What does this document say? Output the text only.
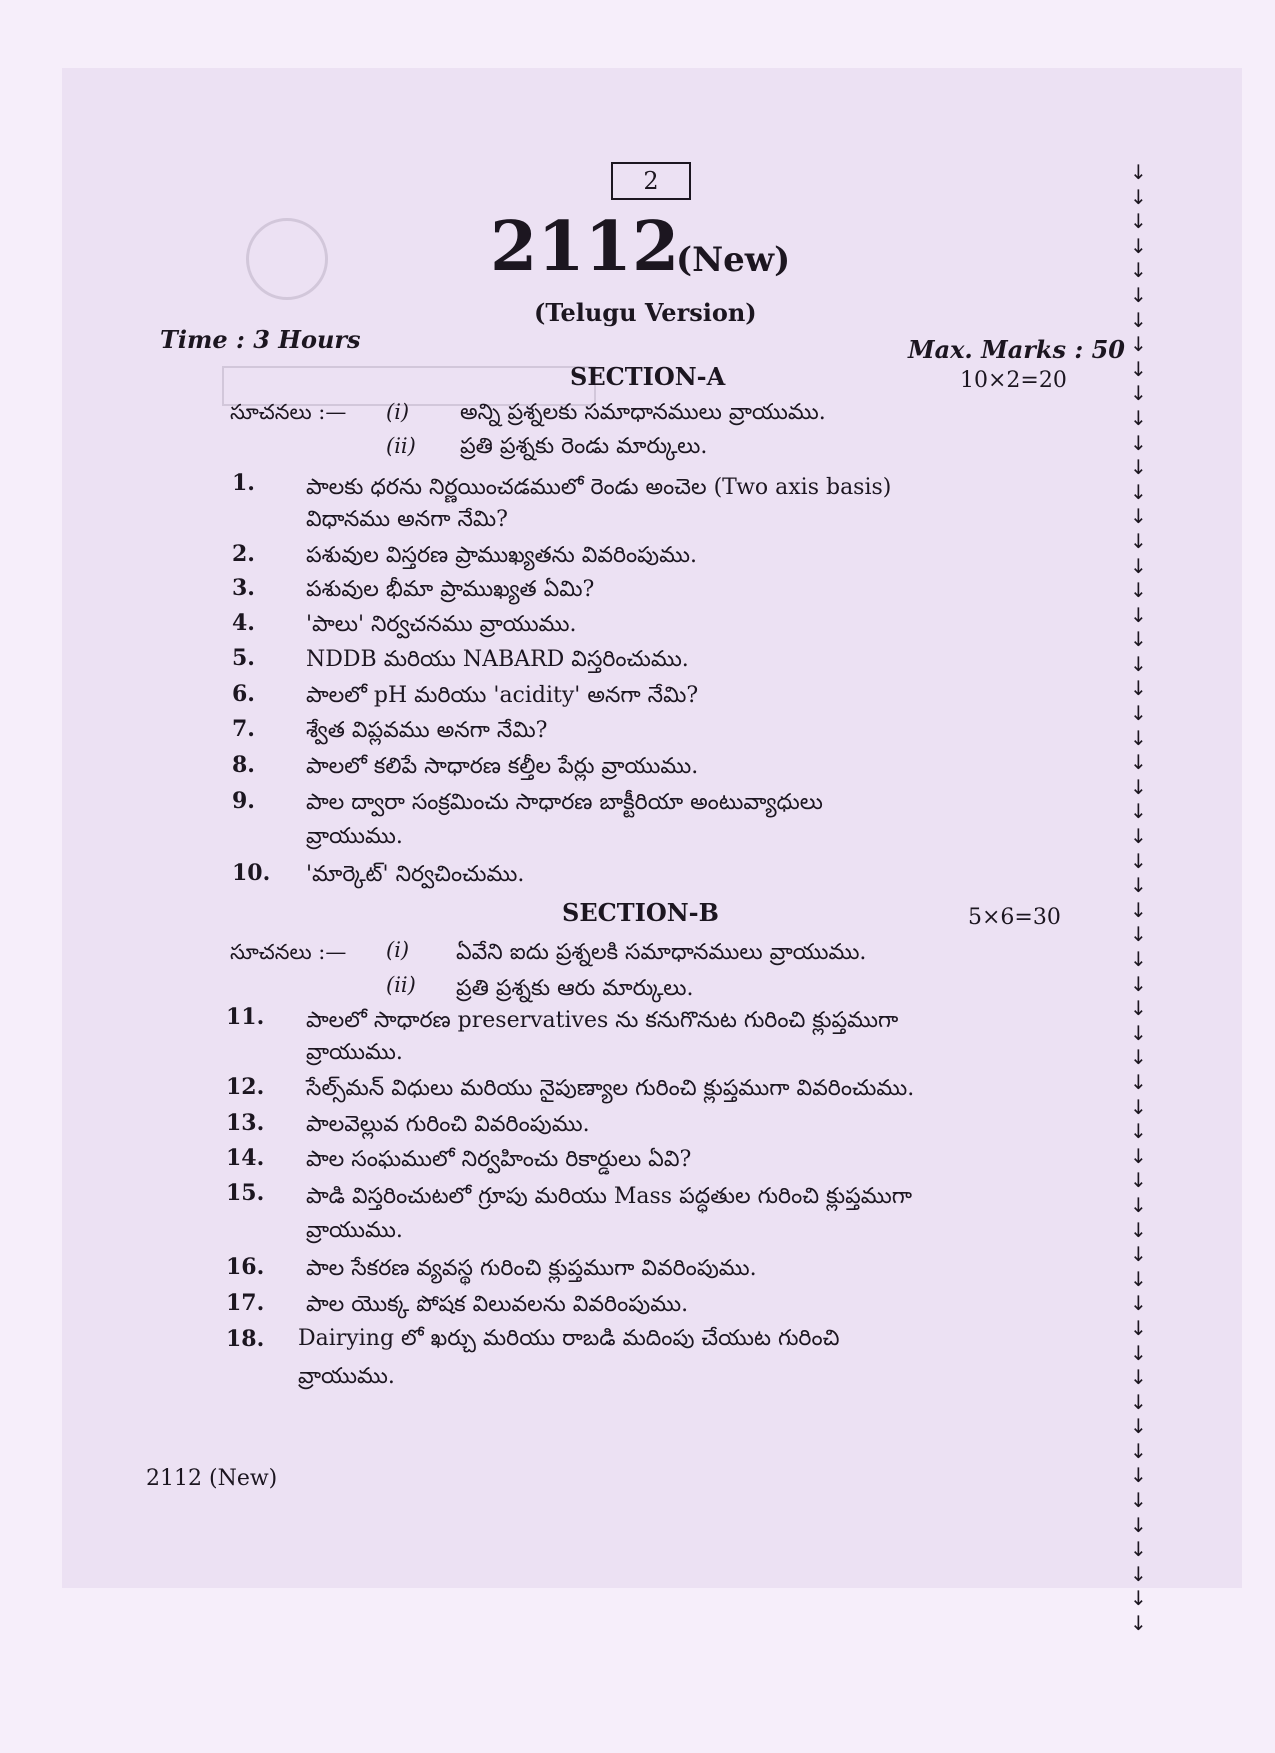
2
2112
(New)
(Telugu Version)
Time : 3 Hours	Max. Marks : 50
SECTION-A	10×2=20
సూచనలు :— (i) అన్ని ప్రశ్నలకు సమాధానములు వ్రాయుము.
(ii) ప్రతి ప్రశ్నకు రెండు మార్కులు.
1. పాలకు ధరను నిర్ణయించడములో రెండు అంచెల (Two axis basis)
విధానము అనగా నేమి?
2. పశువుల విస్తరణ ప్రాముఖ్యతను వివరింపుము.
3. పశువుల భీమా ప్రాముఖ్యత ఏమి?
4. 'పాలు' నిర్వచనము వ్రాయుము.
5. NDDB మరియు NABARD విస్తరించుము.
6. పాలలో pH మరియు 'acidity' అనగా నేమి?
7. శ్వేత విప్లవము అనగా నేమి?
8. పాలలో కలిపే సాధారణ కల్తీల పేర్లు వ్రాయుము.
9. పాల ద్వారా సంక్రమించు సాధారణ బాక్టీరియా అంటువ్యాధులు
వ్రాయుము.
10. 'మార్కెట్' నిర్వచించుము.
SECTION-B	5×6=30
సూచనలు :— (i) ఏవేని ఐదు ప్రశ్నలకి సమాధానములు వ్రాయుము.
(ii) ప్రతి ప్రశ్నకు ఆరు మార్కులు.
11. పాలలో సాధారణ preservatives ను కనుగొనుట గురించి క్లుప్తముగా
వ్రాయుము.
12. సేల్స్‌మన్ విధులు మరియు నైపుణ్యాల గురించి క్లుప్తముగా వివరించుము.
13. పాలవెల్లువ గురించి వివరింపుము.
14. పాల సంఘములో నిర్వహించు రికార్డులు ఏవి?
15. పాడి విస్తరించుటలో గ్రూపు మరియు Mass పద్ధతుల గురించి క్లుప్తముగా
వ్రాయుము.
16. పాల సేకరణ వ్యవస్థ గురించి క్లుప్తముగా వివరింపుము.
17. పాల యొక్క పోషక విలువలను వివరింపుము.
18. Dairying లో ఖర్చు మరియు రాబడి మదింపు చేయుట గురించి
వ్రాయుము.
↓
↓
↓
↓
↓
↓
↓
↓
↓
↓
↓
↓
↓
↓
↓
↓
↓
↓
↓
↓
↓
↓
↓
↓
↓
↓
↓
↓
↓
↓
↓
↓
↓
↓
↓
↓
↓
↓
↓
↓
↓
↓
↓
↓
↓
↓
↓
↓
↓
↓
↓
↓
↓
↓
↓
↓
↓
↓
↓
↓
2112 (New)
